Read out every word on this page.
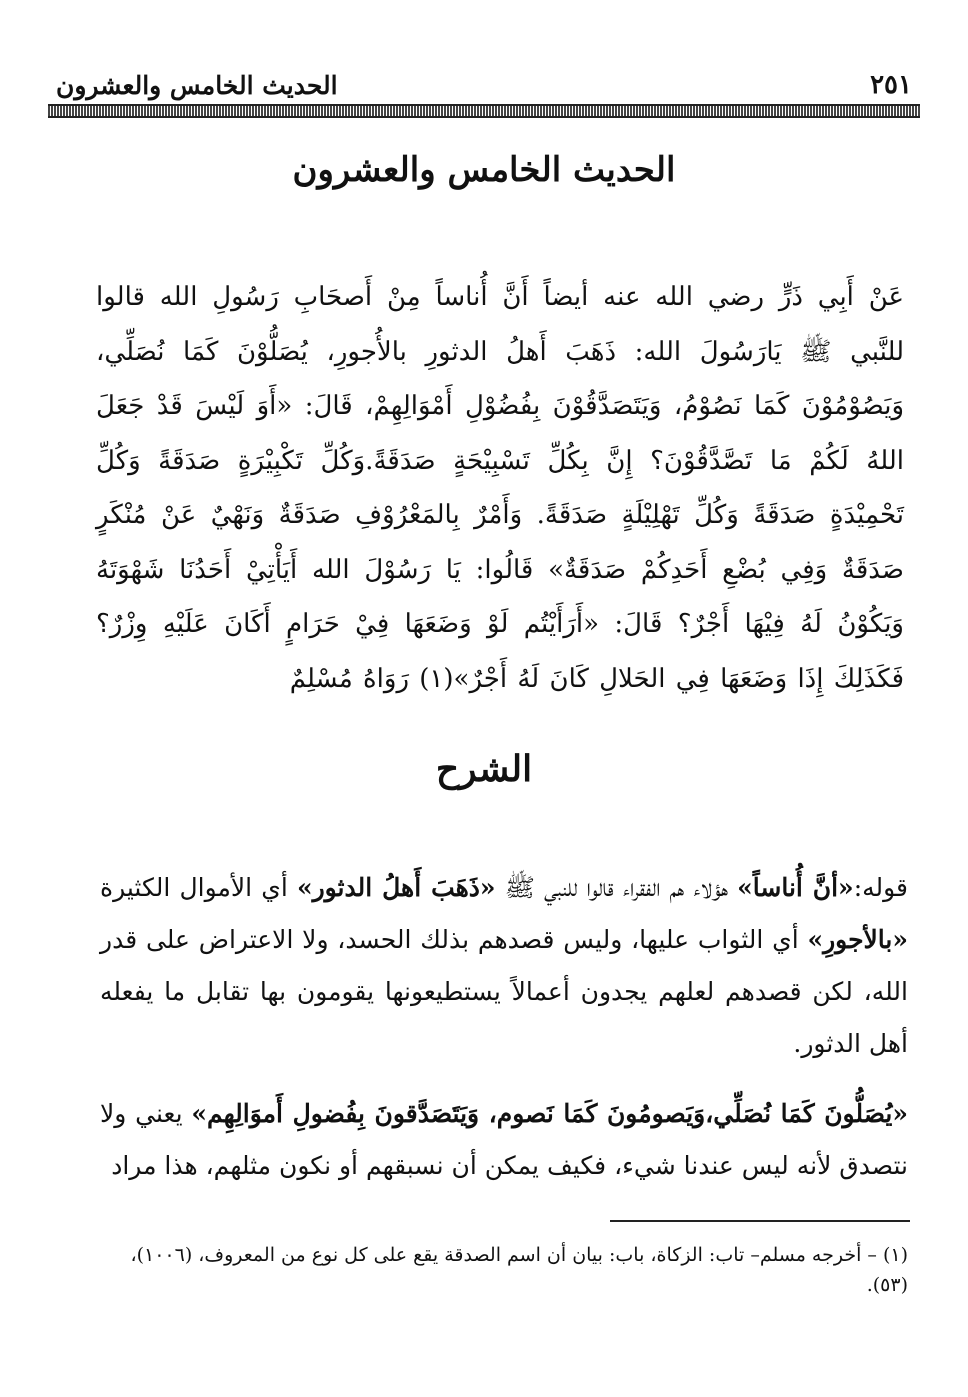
٢٥١
الحديث الخامس والعشرون
الحديث الخامس والعشرون
عَنْ أَبِي ذَرٍّ رضي الله عنه أيضاً أَنَّ أُناساً مِنْ أَصحَابِ رَسُولِ الله قالوا للنَّبي ﷺ يَارَسُولَ الله: ذَهَبَ أَهلُ الدثورِ بالأُجورِ، يُصَلُّوْنَ كَمَا نُصَلِّي، وَيَصُوْمُوْنَ كَمَا نَصُوْمُ، وَيَتَصَدَّقُوْنَ بِفُضُوْلِ أَمْوَالِهِمْ، قَالَ: «أَوَ لَيْسَ قَدْ جَعَلَ اللهُ لَكُمْ مَا تَصَّدَّقُوْنَ؟ إِنَّ بِكُلِّ تَسْبِيْحَةٍ صَدَقَةً.وَكُلِّ تَكْبِيْرَةٍ صَدَقَةً وَكُلِّ تَحْمِيْدَةٍ صَدَقَةً وَكُلِّ تَهْلِيْلَةٍ صَدَقَةً. وَأَمْرٌ بِالمَعْرُوْفِ صَدَقَةٌ وَنَهْيٌ عَنْ مُنْكَرٍ صَدَقَةٌ وَفِي بُضْعِ أَحَدِكُمْ صَدَقَةٌ» قَالُوا: يَا رَسُوْلَ الله أَيَأْتِيْ أَحَدُنَا شَهْوَتَهُ وَيَكُوْنُ لَهُ فِيْهَا أَجْرٌ؟ قَالَ: «أَرَأَيْتُم لَوْ وَضَعَهَا فِيْ حَرَامٍ أَكَانَ عَلَيْهِ وِزْرٌ؟ فَكَذَلِكَ إِذَا وَضَعَهَا فِي الحَلالِ كَانَ لَهُ أَجْرٌ»(١) رَوَاهُ مُسْلِمٌ
الشرح

قوله:«أنَّ أُناساً» هؤلاء هم الفقراء قالوا للنبي ﷺ «ذَهَبَ أَهلُ الدثور» أي الأموال الكثيرة «بالأجورِ» أي الثواب عليها، وليس قصدهم بذلك الحسد، ولا الاعتراض على قدر الله، لكن قصدهم لعلهم يجدون أعمالاً يستطيعونها يقومون بها تقابل ما يفعله أهل الدثور.

«يُصَلُّونَ كَمَا نُصَلِّي،وَيَصومُونَ كَمَا نَصوم، وَيَتَصَدَّقونَ بِفُضولِ أَموَالِهِم» يعني ولا نتصدق لأنه ليس عندنا شيء، فكيف يمكن أن نسبقهم أو نكون مثلهم، هذا مراد

(١) – أخرجه مسلم– تاب: الزكاة، باب: بيان أن اسم الصدقة يقع على كل نوع من المعروف، (١٠٠٦)، (٥٣).
